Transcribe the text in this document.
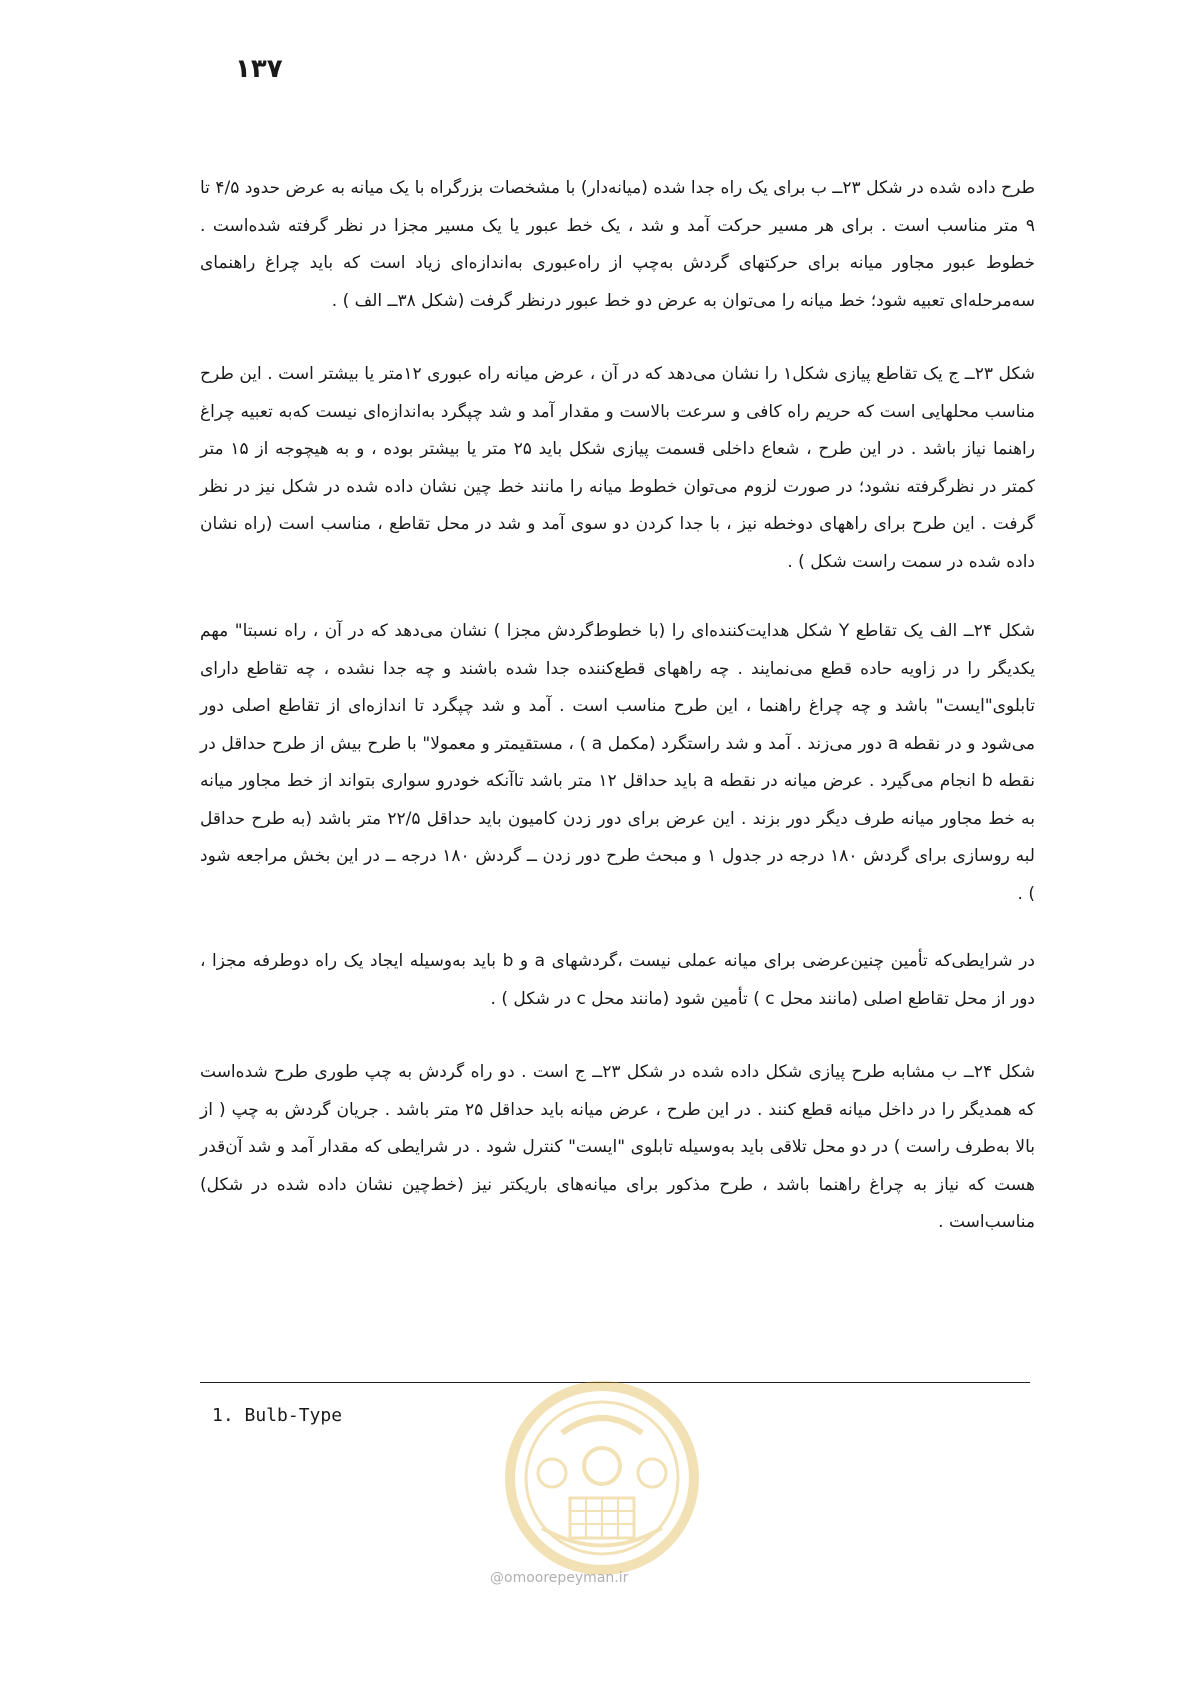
۱۳۷

طرح داده شده در شکل ۲۳ــ ب برای یک راه جدا شده (میانه‌دار) با مشخصات بزرگراه با یک میانه به عرض حدود ۴/۵ تا ۹ متر مناسب است . برای هر مسیر حرکت آمد و شد ، یک خط عبور یا یک مسیر مجزا در نظر گرفته شده‌است . خطوط عبور مجاور میانه برای حرکتهای گردش به‌چپ از راه‌عبوری به‌اندازه‌ای زیاد است که باید چراغ راهنمای سه‌مرحله‌ای تعبیه شود؛ خط میانه را می‌توان به عرض دو خط عبور درنظر گرفت (شکل ۳۸ــ الف ) .

شکل ۲۳ــ ج یک تقاطع پیازی شکل۱ را نشان می‌دهد که در آن ، عرض میانه راه عبوری ۱۲متر یا بیشتر است . این طرح مناسب محلهایی است که حریم راه کافی و سرعت بالاست و مقدار آمد و شد چپگرد به‌اندازه‌ای نیست که‌به تعبیه چراغ راهنما نیاز باشد . در این طرح ، شعاع داخلی قسمت پیازی شکل باید ۲۵ متر یا بیشتر بوده ، و به هیچوجه از ۱۵ متر کمتر در نظرگرفته نشود؛ در صورت لزوم می‌توان خطوط میانه را مانند خط چین نشان داده شده در شکل نیز در نظر گرفت . این طرح برای راههای دوخطه نیز ، با جدا کردن دو سوی آمد و شد در محل تقاطع ، مناسب است (راه نشان داده شده در سمت راست شکل ) .

شکل ۲۴ــ الف یک تقاطع Y شکل هدایت‌کننده‌ای را (با خطوط‌گردش مجزا ) نشان می‌دهد که در آن ، راه نسبتا" مهم یکدیگر را در زاویه حاده قطع می‌نمایند . چه راههای قطع‌کننده جدا شده باشند و چه جدا نشده ، چه تقاطع دارای تابلوی"ایست" باشد و چه چراغ راهنما ، این طرح مناسب است . آمد و شد چپگرد تا اندازه‌ای از تقاطع اصلی دور می‌شود و در نقطه a دور می‌زند . آمد و شد راستگرد (مکمل a ) ، مستقیمتر و معمولا" با طرح بیش از طرح حداقل در نقطه b انجام می‌گیرد . عرض میانه در نقطه a باید حداقل ۱۲ متر باشد تاآنکه خودرو سواری بتواند از خط مجاور میانه به خط مجاور میانه طرف دیگر دور بزند . این عرض برای دور زدن کامیون باید حداقل ۲۲/۵ متر باشد (به طرح حداقل لبه روسازی برای گردش ۱۸۰ درجه در جدول ۱ و مبحث طرح دور زدن ــ گردش ۱۸۰ درجه ــ در این بخش مراجعه شود ) .

در شرایطی‌که تأمین چنین‌عرضی برای میانه عملی نیست ،گردشهای a و b باید به‌وسیله ایجاد یک راه دوطرفه مجزا ، دور از محل تقاطع اصلی (مانند محل c ) تأمین شود (مانند محل c در شکل ) .

شکل ۲۴ــ ب مشابه طرح پیازی شکل داده شده در شکل ۲۳ــ ج است . دو راه گردش به چپ طوری طرح شده‌است که همدیگر را در داخل میانه قطع کنند . در این طرح ، عرض میانه باید حداقل ۲۵ متر باشد . جریان گردش به چپ ( از بالا به‌طرف راست ) در دو محل تلاقی باید به‌وسیله تابلوی "ایست" کنترل شود . در شرایطی که مقدار آمد و شد آن‌قدر هست که نیاز به چراغ راهنما باشد ، طرح مذکور برای میانه‌های باریکتر نیز (خط‌چین نشان داده شده در شکل) مناسب‌است .

1. Bulb-Type
@omoorepeyman.ir
